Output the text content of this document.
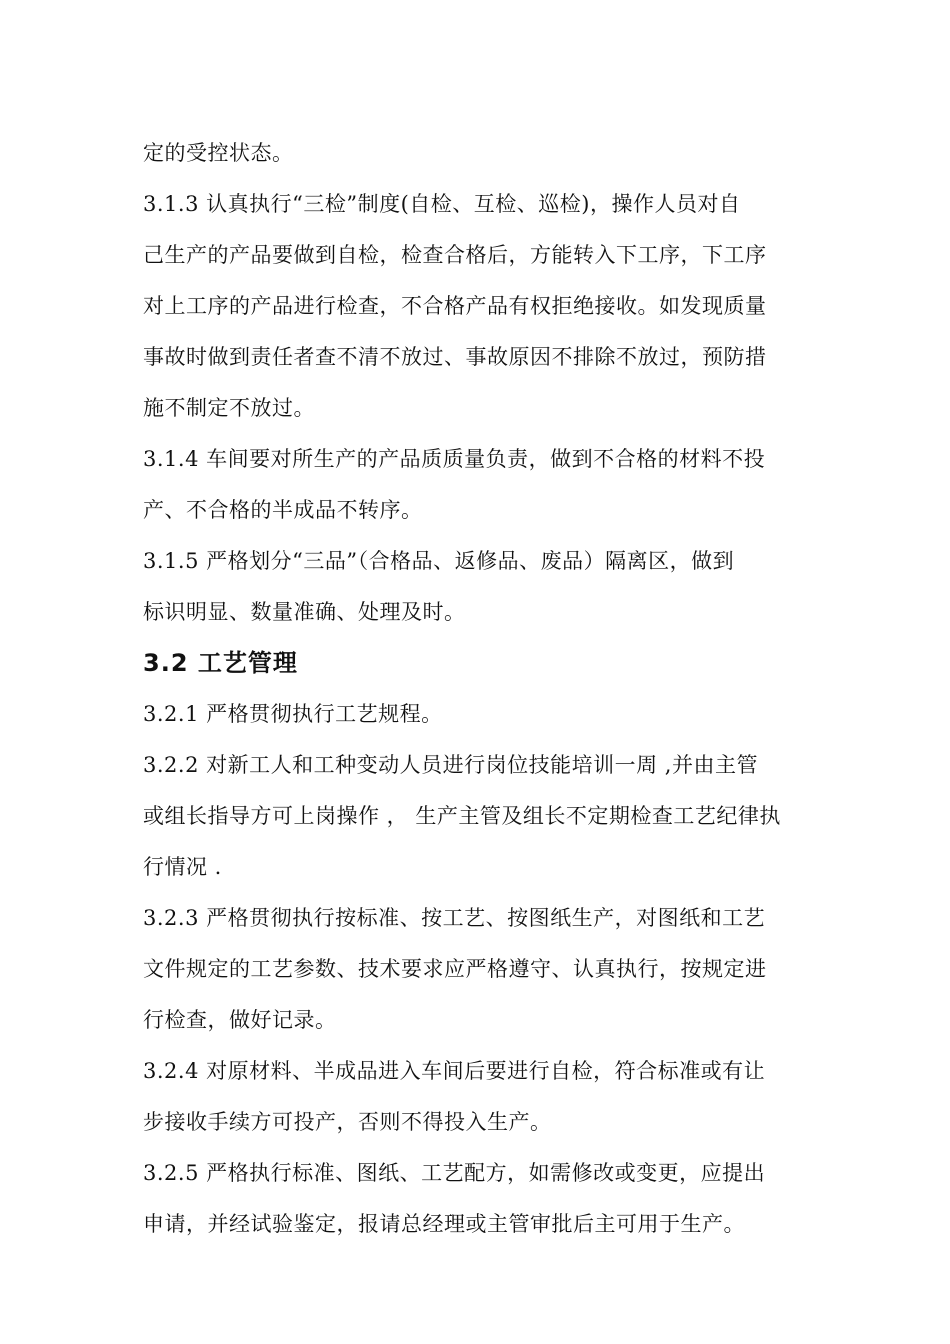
定的受控状态。
3.1.3 认真执行“三检”制度(自检、互检、巡检)，操作人员对自
己生产的产品要做到自检，检查合格后，方能转入下工序，下工序
对上工序的产品进行检查，不合格产品有权拒绝接收。如发现质量
事故时做到责任者查不清不放过、事故原因不排除不放过，预防措
施不制定不放过。
3.1.4 车间要对所生产的产品质质量负责，做到不合格的材料不投
产、不合格的半成品不转序。
3.1.5 严格划分“三品”（合格品、返修品、废品）隔离区，做到
标识明显、数量准确、处理及时。
3.2 工艺管理
3.2.1 严格贯彻执行工艺规程。
3.2.2 对新工人和工种变动人员进行岗位技能培训一周 ,并由主管
或组长指导方可上岗操作 ， 生产主管及组长不定期检查工艺纪律执
行情况 .
3.2.3 严格贯彻执行按标准、按工艺、按图纸生产，对图纸和工艺
文件规定的工艺参数、技术要求应严格遵守、认真执行，按规定进
行检查，做好记录。
3.2.4 对原材料、半成品进入车间后要进行自检，符合标准或有让
步接收手续方可投产，否则不得投入生产。
3.2.5 严格执行标准、图纸、工艺配方，如需修改或变更，应提出
申请，并经试验鉴定，报请总经理或主管审批后主可用于生产。
